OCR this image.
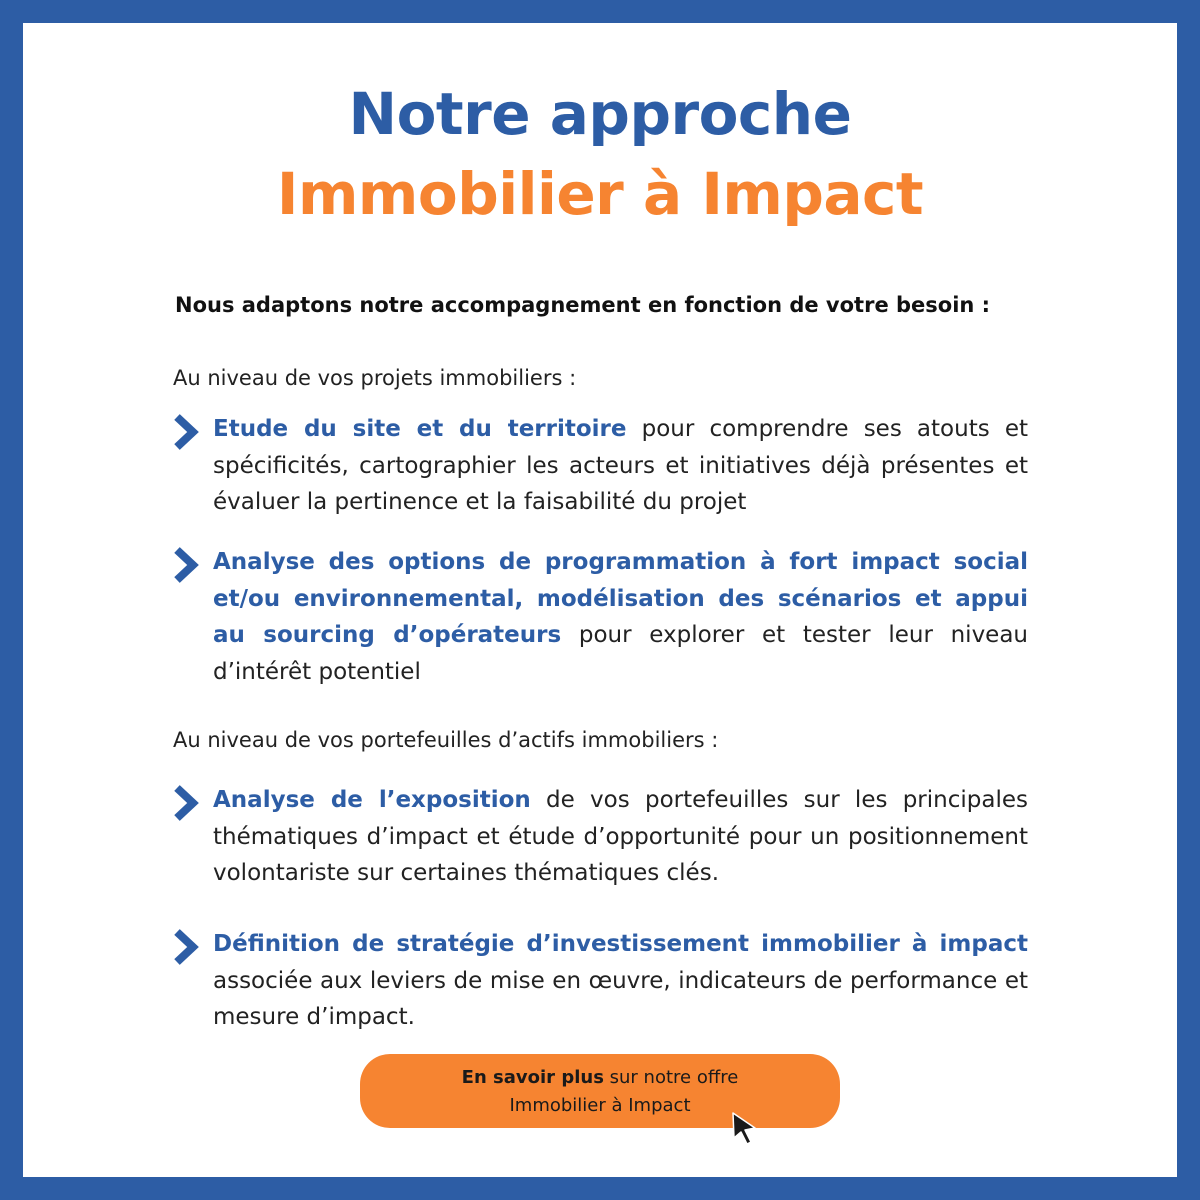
Notre approche
Immobilier à Impact
Nous adaptons notre accompagnement en fonction de votre besoin :
Au niveau de vos projets immobiliers :
Etude du site et du territoire pour comprendre ses atouts et spécificités, cartographier les acteurs et initiatives déjà présentes et évaluer la pertinence et la faisabilité du projet
Analyse des options de programmation à fort impact social et/ou environnemental, modélisation des scénarios et appui au sourcing d’opérateurs pour explorer et tester leur niveau d’intérêt potentiel
Au niveau de vos portefeuilles d’actifs immobiliers :
Analyse de l’exposition de vos portefeuilles sur les principales thématiques d’impact et étude d’opportunité pour un positionnement volontariste sur certaines thématiques clés.
Définition de stratégie d’investissement immobilier à impact associée aux leviers de mise en œuvre, indicateurs de performance et mesure d’impact.
En savoir plus sur notre offre
Immobilier à Impact
